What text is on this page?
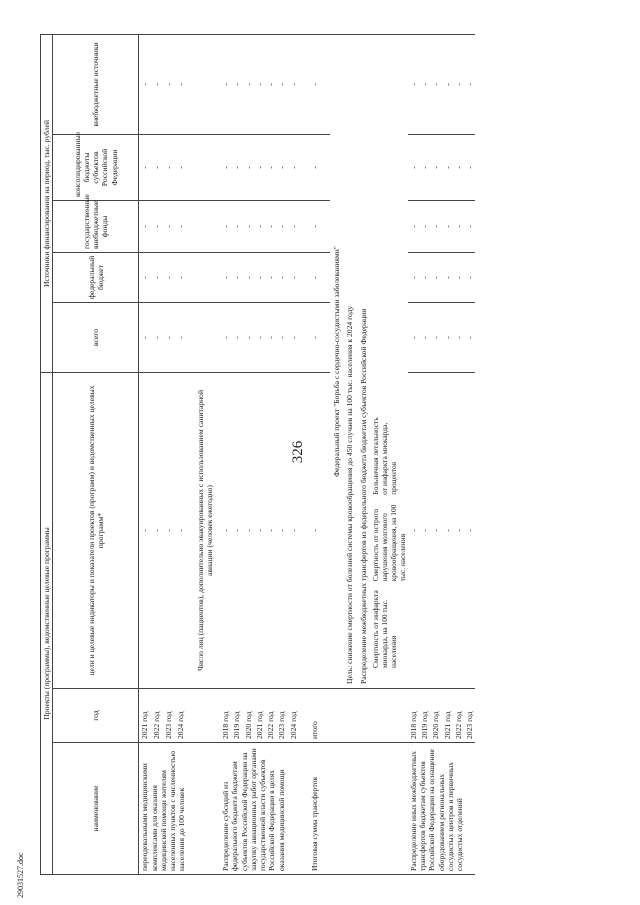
326
29031527.doc
Проекты (программы), ведомственные целевые программы	Источники финансирования на период, тыс. рублей
наименование	год	цели и целевые индикаторы и показатели проектов (программ) и ведомственных целевых программ*	всего	федеральный бюджет	государственные внебюджетные фонды	консолидированные бюджеты субъектов Российской Федерации	внебюджетные источники

переодевальными медицинскими комплексами для оказания медицинской помощи жителям населенных пунктов с численностью населения до 100 человек
	2021 год	-	-	-	-	-	-
2022 год	-	-	-	-	-	-
2023 год	-	-	-	-	-	-
2024 год	-	-	-	-	-	-
		Число лиц (пациентов), дополнительно эвакуированных с использованием санитарной авиации (человек ежегодно)					

Распределение субсидий из федерального бюджета бюджетам субъектов Российской Федерации на закупку авиационных работ органами государственной власти субъектов Российской Федерации в целях оказания медицинской помощи
	2018 год	-	-	-	-	-	-
2019 год	-	-	-	-	-	-
2020 год	-	-	-	-	-	-
2021 год	-	-	-	-	-	-
2022 год	-	-	-	-	-	-
2023 год	-	-	-	-	-	-
2024 год	-	-	-	-	-	-

Итоговая сумма трансфертов	итого	-	-	-	-	-	-

		Федеральный проект "Борьба с сердечно-сосудистыми заболеваниями"
		Цель: снижение смертности от болезней системы кровообращения до 450 случаев на 100 тыс. населения к 2024 году
		Распределение межбюджетных трансфертов из федерального бюджета бюджетам субъектов Российской Федерации
		Смертность от инфаркта миокарда, на 100 тыс. населения	Смертность от острого нарушения мозгового кровообращения, на 100 тыс. населения	Больничная летальность от инфаркта миокарда, процентов

Распределение иных межбюджетных трансфертов бюджетам субъектов Российской Федерации на оснащение оборудованием региональных сосудистых центров и первичных сосудистых отделений
	2018 год	-	-	-	-	-	-
2019 год	-	-	-	-	-	-
2020 год	-	-	-	-	-	-
2021 год	-	-	-	-	-	-
2022 год	-	-	-	-	-	-
2023 год	-	-	-	-	-	-
